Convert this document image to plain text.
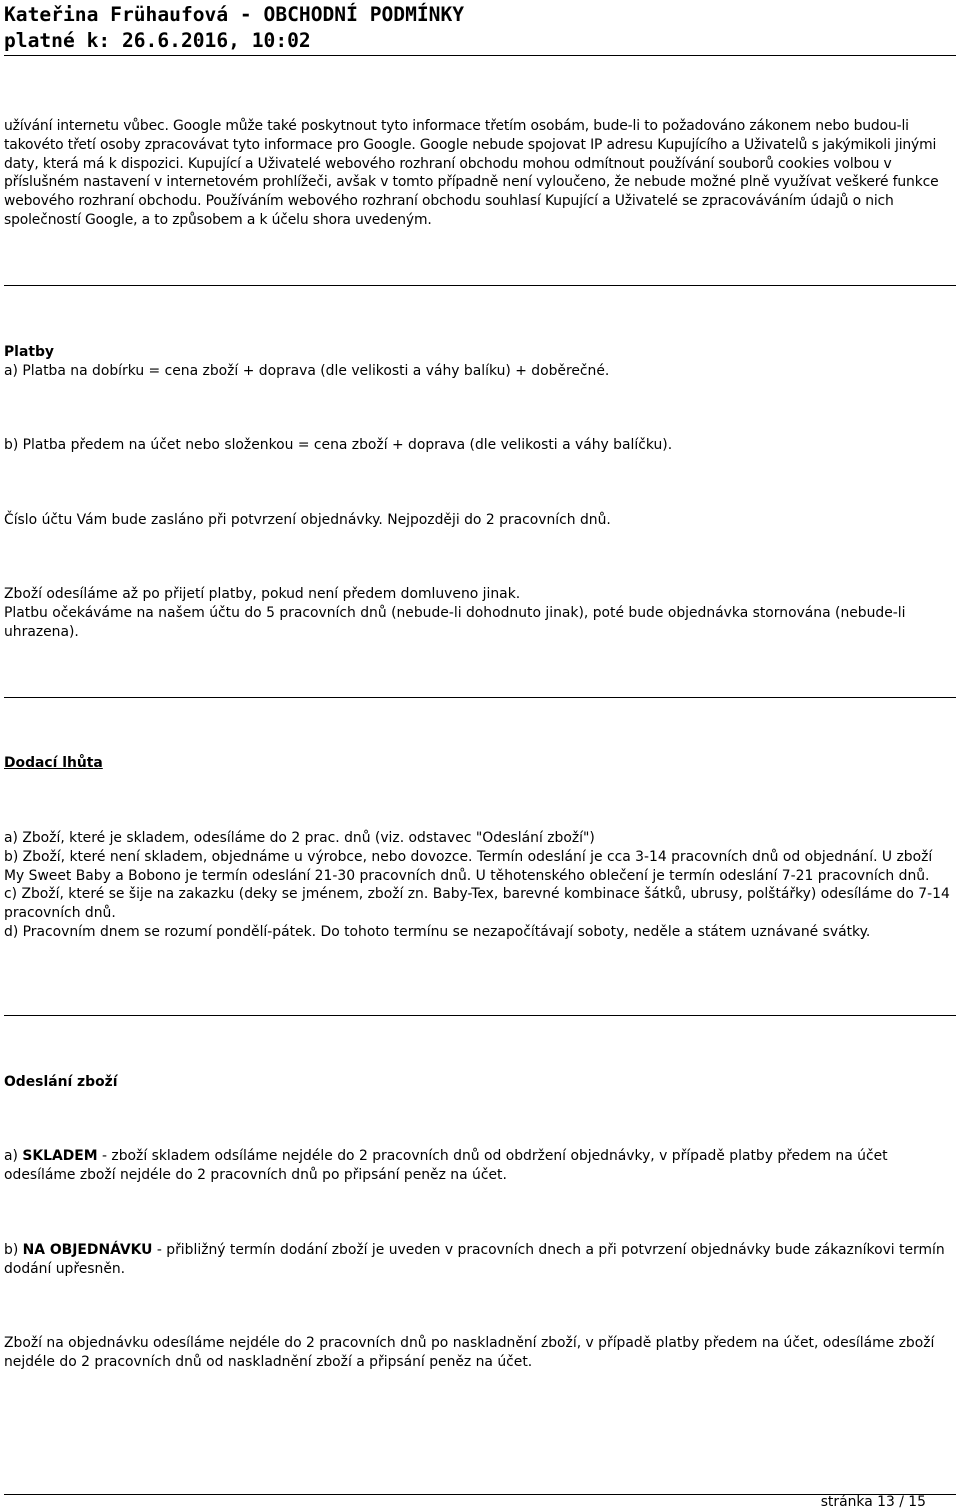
Kateřina Frühaufová - OBCHODNÍ PODMÍNKY
platné k: 26.6.2016, 10:02

užívání internetu vůbec. Google může také poskytnout tyto informace třetím osobám, bude-li to požadováno zákonem nebo budou-li takovéto třetí osoby zpracovávat tyto informace pro Google. Google nebude spojovat IP adresu Kupujícího a Uživatelů s jakýmikoli jinými daty, která má k dispozici. Kupující a Uživatelé webového rozhraní obchodu mohou odmítnout používání souborů cookies volbou v příslušném nastavení v internetovém prohlížeči, avšak v tomto případně není vyloučeno, že nebude možné plně využívat veškeré funkce webového rozhraní obchodu. Používáním webového rozhraní obchodu souhlasí Kupující a Uživatelé se zpracováváním údajů o nich společností Google, a to způsobem a k účelu shora uvedeným.

Platby

a) Platba na dobírku = cena zboží + doprava (dle velikosti a váhy balíku) + doběrečné.

b) Platba předem na účet nebo složenkou = cena zboží + doprava (dle velikosti a váhy balíčku).

Číslo účtu Vám bude zasláno při potvrzení objednávky. Nejpozději do 2 pracovních dnů.

Zboží odesíláme až po přijetí platby, pokud není předem domluveno jinak.

Platbu očekáváme na našem účtu do 5 pracovních dnů (nebude-li dohodnuto jinak), poté bude objednávka stornována (nebude-li uhrazena).

Dodací lhůta

a) Zboží, které je skladem, odesíláme do 2 prac. dnů (viz. odstavec "Odeslání zboží")

b) Zboží, které není skladem, objednáme u výrobce, nebo dovozce. Termín odeslání je cca 3-14 pracovních dnů od objednání. U zboží My Sweet Baby a Bobono je termín odeslání 21-30 pracovních dnů. U těhotenského oblečení je termín odeslání 7-21 pracovních dnů.

c) Zboží, které se šije na zakazku (deky se jménem, zboží zn. Baby-Tex, barevné kombinace šátků, ubrusy, polštářky) odesíláme do 7-14 pracovních dnů.

d) Pracovním dnem se rozumí pondělí-pátek. Do tohoto termínu se nezapočítávají soboty, neděle a státem uznávané svátky.

Odeslání zboží

a) SKLADEM - zboží skladem odsíláme nejdéle do 2 pracovních dnů od obdržení objednávky, v případě platby předem na účet odesíláme zboží nejdéle do 2 pracovních dnů po připsání peněz na účet.

b) NA OBJEDNÁVKU - přibližný termín dodání zboží je uveden v pracovních dnech a při potvrzení objednávky bude zákazníkovi termín dodání upřesněn.

Zboží na objednávku odesíláme nejdéle do 2 pracovních dnů po naskladnění zboží, v případě platby předem na účet, odesíláme zboží nejdéle do 2 pracovních dnů od naskladnění zboží a připsání peněz na účet.

stránka 13 / 15
